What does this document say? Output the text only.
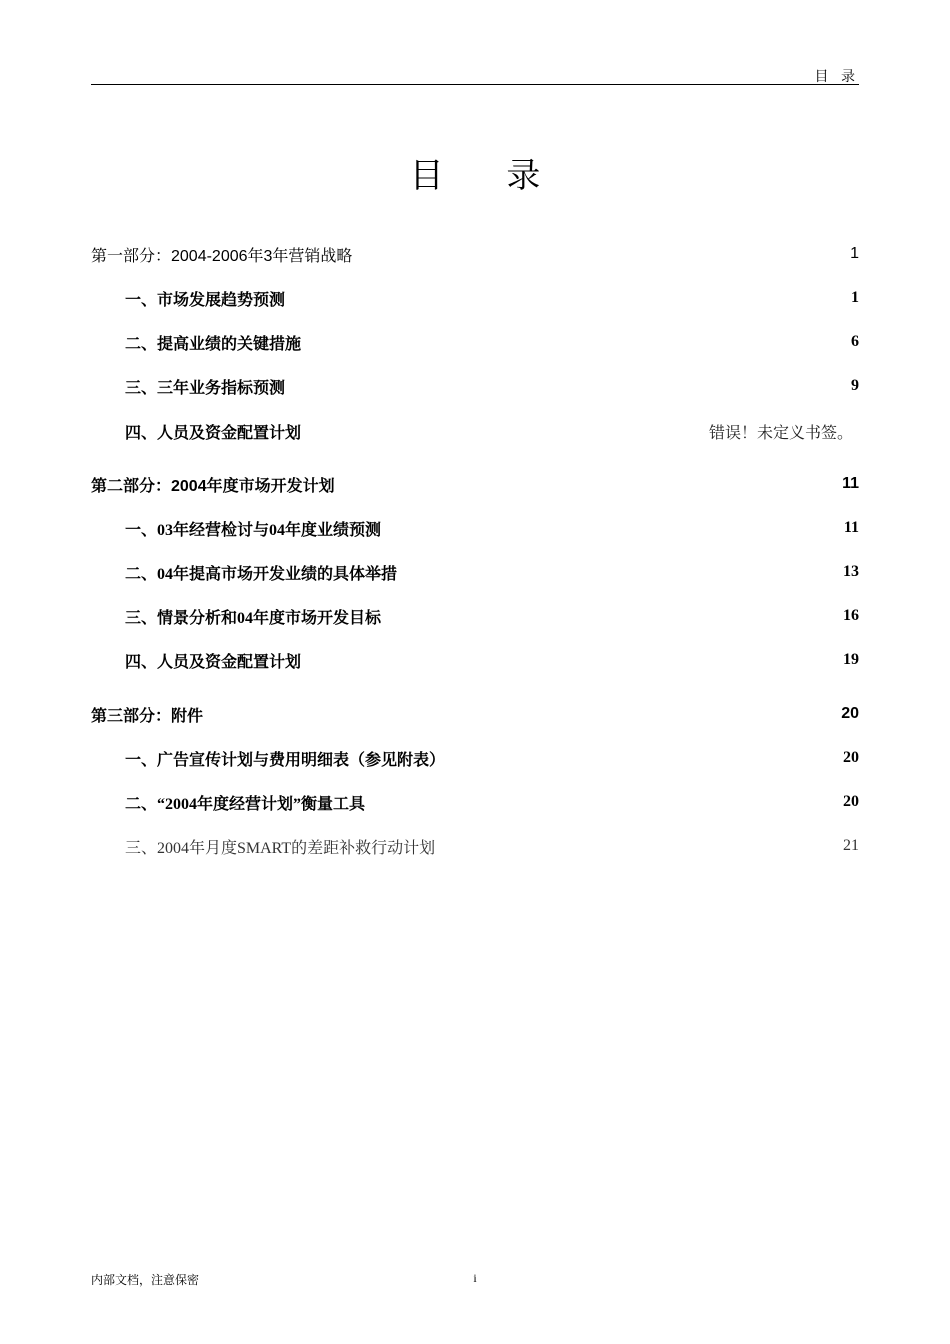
目 录
目 录
第一部分：2004-2006年3年营销战略	1
一、市场发展趋势预测	1
二、提高业绩的关键措施	6
三、三年业务指标预测	9
四、人员及资金配置计划	错误！未定义书签。
第二部分：2004年度市场开发计划	11
一、03年经营检讨与04年度业绩预测	11
二、04年提高市场开发业绩的具体举措	13
三、情景分析和04年度市场开发目标	16
四、人员及资金配置计划	19
第三部分：附件	20
一、广告宣传计划与费用明细表（参见附表）	20
二、“2004年度经营计划”衡量工具	20
三、2004年月度SMART的差距补救行动计划	21
内部文档，注意保密	i
